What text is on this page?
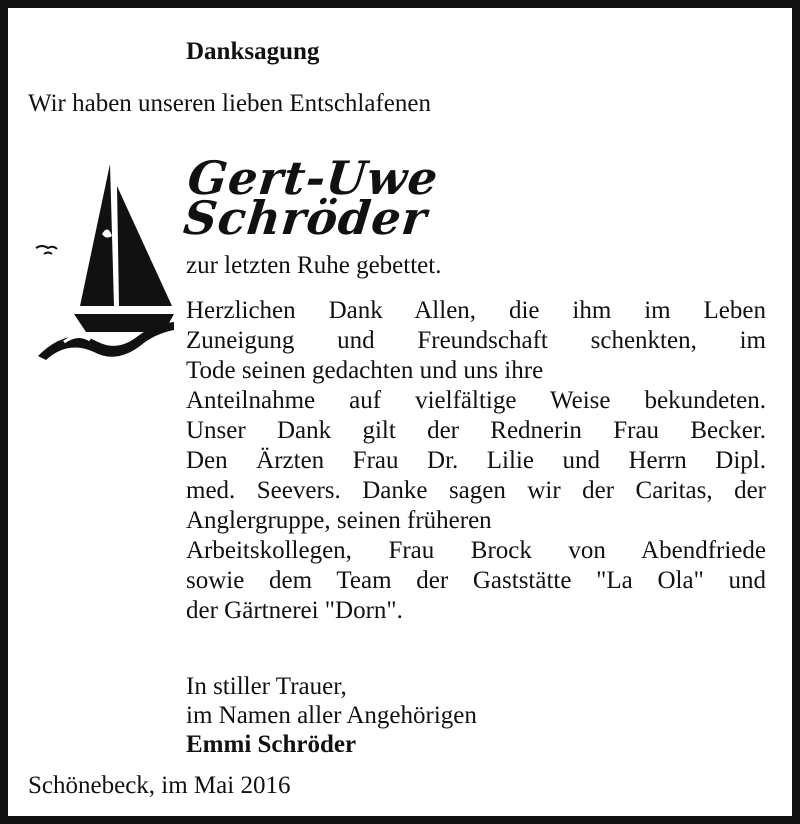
Danksagung
Wir haben unseren lieben Entschlafenen
Gert-Uwe
Schröder
zur letzten Ruhe gebettet.
Herzlichen Dank Allen, die ihm im Leben
Zuneigung und Freundschaft schenkten, im
Tode seinen gedachten und uns ihre
Anteilnahme auf vielfältige Weise bekundeten.
Unser Dank gilt der Rednerin Frau Becker.
Den Ärzten Frau Dr. Lilie und Herrn Dipl.
med. Seevers. Danke sagen wir der Caritas, der
Anglergruppe, seinen früheren
Arbeitskollegen, Frau Brock von Abendfriede
sowie dem Team der Gaststätte "La Ola" und
der Gärtnerei "Dorn".
In stiller Trauer,
im Namen aller Angehörigen
Emmi Schröder
Schönebeck, im Mai 2016
